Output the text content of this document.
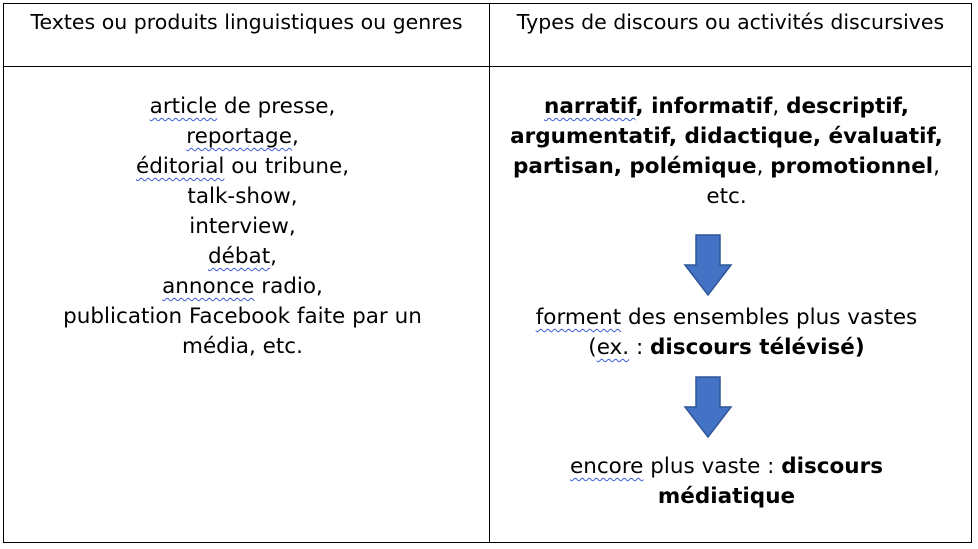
Textes ou produits linguistiques ou genres	Types de discours ou activités discursives
article de presse,
reportage,
éditorial ou tribune,
talk-show,
interview,
débat,
annonce radio,
publication Facebook faite par un
média, etc.
narratif, informatif, descriptif,
argumentatif, didactique, évaluatif,
partisan, polémique, promotionnel,
etc.
forment des ensembles plus vastes
(ex. : discours télévisé)
encore plus vaste : discours
médiatique
